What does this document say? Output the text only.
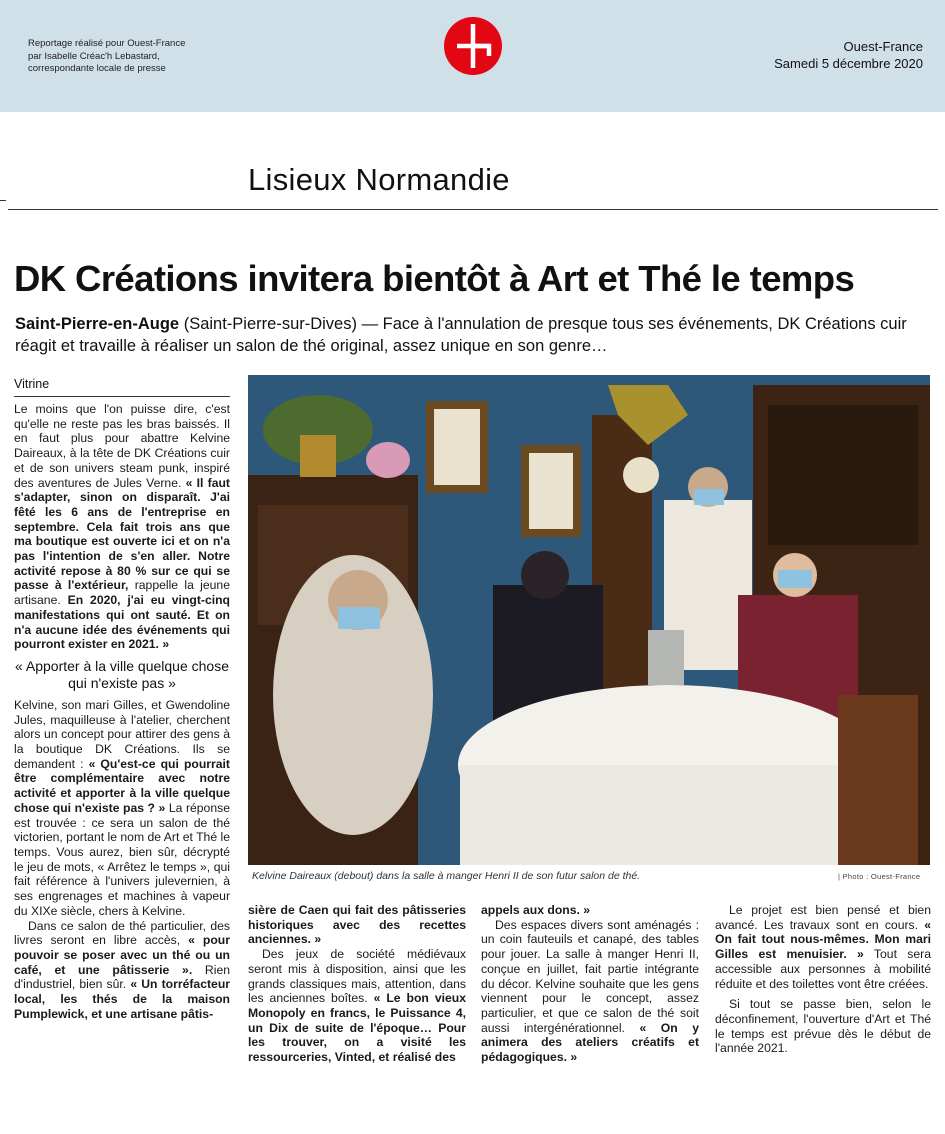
Reportage réalisé pour Ouest-France
par Isabelle Créac'h Lebastard,
correspondante locale de presse
Ouest-France
Samedi 5 décembre 2020
Lisieux Normandie
DK Créations invitera bientôt à Art et Thé le temps
Saint-Pierre-en-Auge (Saint-Pierre-sur-Dives) — Face à l'annulation de presque tous ses événements, DK Créations cuir réagit et travaille à réaliser un salon de thé original, assez unique en son genre…
Vitrine

Le moins que l'on puisse dire, c'est qu'elle ne reste pas les bras baissés. Il en faut plus pour abattre Kelvine Daireaux, à la tête de DK Créations cuir et de son univers steam punk, inspiré des aventures de Jules Verne. « Il faut s'adapter, sinon on disparaît. J'ai fêté les 6 ans de l'entreprise en septembre. Cela fait trois ans que ma boutique est ouverte ici et on n'a pas l'intention de s'en aller. Notre activité repose à 80 % sur ce qui se passe à l'extérieur, rappelle la jeune artisane. En 2020, j'ai eu vingt-cinq manifestations qui ont sauté. Et on n'a aucune idée des événements qui pourront exister en 2021. »

« Apporter à la ville quelque chose qui n'existe pas »

Kelvine, son mari Gilles, et Gwendoline Jules, maquilleuse à l'atelier, cherchent alors un concept pour attirer des gens à la boutique DK Créations. Ils se demandent : « Qu'est-ce qui pourrait être complémentaire avec notre activité et apporter à la ville quelque chose qui n'existe pas ? » La réponse est trouvée : ce sera un salon de thé victorien, portant le nom de Art et Thé le temps. Vous aurez, bien sûr, décrypté le jeu de mots, « Arrêtez le temps », qui fait référence à l'univers julevernien, à ses engrenages et machines à vapeur du XIXe siècle, chers à Kelvine.

Dans ce salon de thé particulier, des livres seront en libre accès, « pour pouvoir se poser avec un thé ou un café, et une pâtisserie ». Rien d'industriel, bien sûr. « Un torréfacteur local, les thés de la maison Pumplewick, et une artisane pâtis-

Kelvine Daireaux (debout) dans la salle à manger Henri II de son futur salon de thé.	| Photo : Ouest-France

sière de Caen qui fait des pâtisseries historiques avec des recettes anciennes. »

Des jeux de société médiévaux seront mis à disposition, ainsi que les grands classiques mais, attention, dans les anciennes boîtes. « Le bon vieux Monopoly en francs, le Puissance 4, un Dix de suite de l'époque… Pour les trouver, on a visité les ressourceries, Vinted, et réalisé des

appels aux dons. »

Des espaces divers sont aménagés : un coin fauteuils et canapé, des tables pour jouer. La salle à manger Henri II, conçue en juillet, fait partie intégrante du décor. Kelvine souhaite que les gens viennent pour le concept, assez particulier, et que ce salon de thé soit aussi intergénérationnel. « On y animera des ateliers créatifs et pédagogiques. »

Le projet est bien pensé et bien avancé. Les travaux sont en cours. « On fait tout nous-mêmes. Mon mari Gilles est menuisier. » Tout sera accessible aux personnes à mobilité réduite et des toilettes vont être créées.

Si tout se passe bien, selon le déconfinement, l'ouverture d'Art et Thé le temps est prévue dès le début de l'année 2021.
